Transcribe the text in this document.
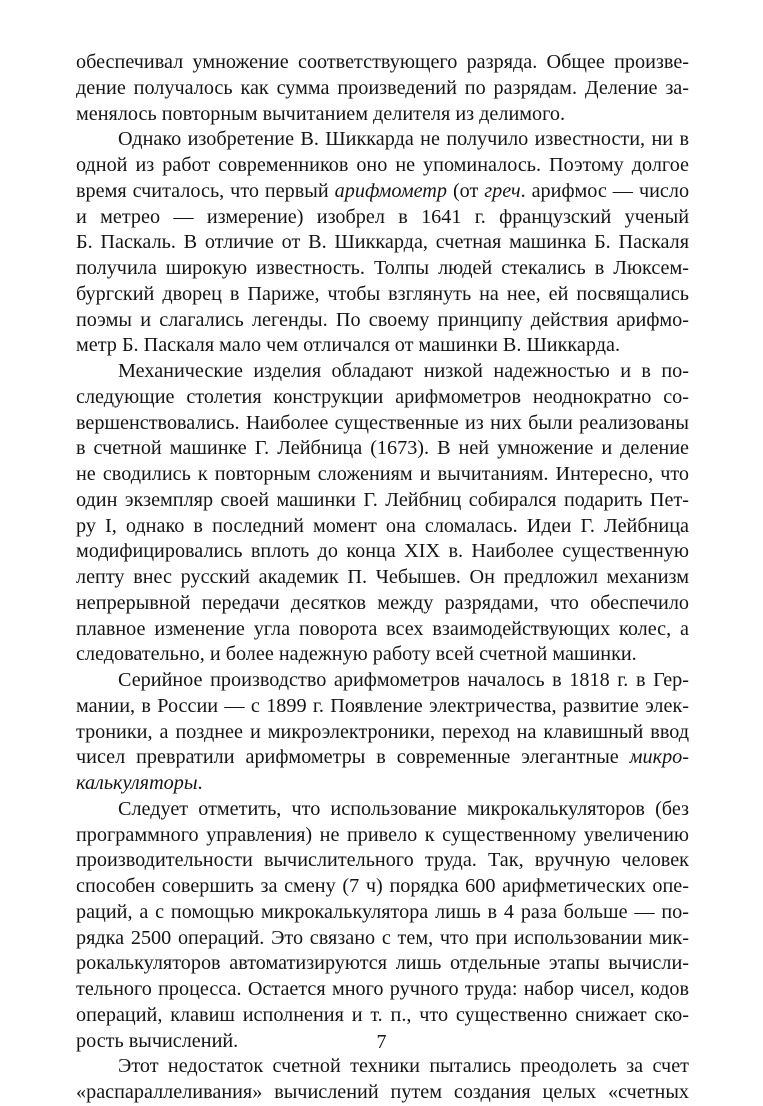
обеспечивал умножение соответствующего разряда. Общее произве-
дение получалось как сумма произведений по разрядам. Деление за-
менялось повторным вычитанием делителя из делимого.

Однако изобретение В. Шиккарда не получило известности, ни в
одной из работ современников оно не упоминалось. Поэтому долгое
время считалось, что первый арифмометр (от греч. арифмос — число
и метрео — измерение) изобрел в 1641 г. французский ученый
Б. Паскаль. В отличие от В. Шиккарда, счетная машинка Б. Паскаля
получила широкую известность. Толпы людей стекались в Люксем-
бургский дворец в Париже, чтобы взглянуть на нее, ей посвящались
поэмы и слагались легенды. По своему принципу действия арифмо-
метр Б. Паскаля мало чем отличался от машинки В. Шиккарда.

Механические изделия обладают низкой надежностью и в по-
следующие столетия конструкции арифмометров неоднократно со-
вершенствовались. Наиболее существенные из них были реализованы
в счетной машинке Г. Лейбница (1673). В ней умножение и деление
не сводились к повторным сложениям и вычитаниям. Интересно, что
один экземпляр своей машинки Г. Лейбниц собирался подарить Пет-
ру I, однако в последний момент она сломалась. Идеи Г. Лейбница
модифицировались вплоть до конца XIX в. Наиболее существенную
лепту внес русский академик П. Чебышев. Он предложил механизм
непрерывной передачи десятков между разрядами, что обеспечило
плавное изменение угла поворота всех взаимодействующих колес, а
следовательно, и более надежную работу всей счетной машинки.

Серийное производство арифмометров началось в 1818 г. в Гер-
мании, в России — с 1899 г. Появление электричества, развитие элек-
троники, а позднее и микроэлектроники, переход на клавишный ввод
чисел превратили арифмометры в современные элегантные микро-
калькуляторы.

Следует отметить, что использование микрокалькуляторов (без
программного управления) не привело к существенному увеличению
производительности вычислительного труда. Так, вручную человек
способен совершить за смену (7 ч) порядка 600 арифметических опе-
раций, а с помощью микрокалькулятора лишь в 4 раза больше — по-
рядка 2500 операций. Это связано с тем, что при использовании мик-
рокалькуляторов автоматизируются лишь отдельные этапы вычисли-
тельного процесса. Остается много ручного труда: набор чисел, кодов
операций, клавиш исполнения и т. п., что существенно снижает ско-
рость вычислений.

Этот недостаток счетной техники пытались преодолеть за счет
«распараллеливания» вычислений путем создания целых «счетных

7
